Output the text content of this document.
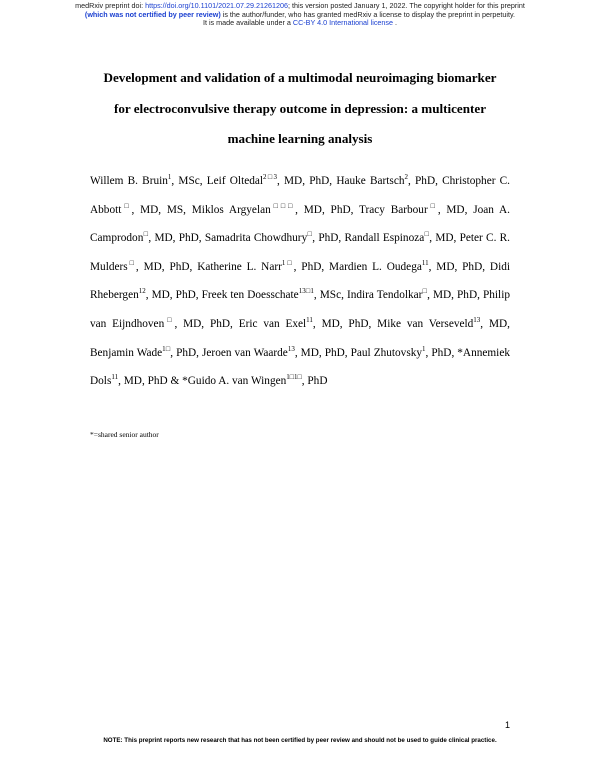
medRxiv preprint doi: https://doi.org/10.1101/2021.07.29.21261206; this version posted January 1, 2022. The copyright holder for this preprint
(which was not certified by peer review) is the author/funder, who has granted medRxiv a license to display the preprint in perpetuity.
It is made available under a CC-BY 4.0 International license .
Development and validation of a multimodal neuroimaging biomarker
for electroconvulsive therapy outcome in depression: a multicenter
machine learning analysis
Willem B. Bruin$^1$, MSc, Leif Oltedal$^{2□3}$, MD, PhD, Hauke Bartsch$^2$, PhD, Christopher C. Abbott□, MD, MS, Miklos Argyelan□□□, MD, PhD, Tracy Barbour□, MD, Joan A. Camprodon□, MD, PhD, Samadrita Chowdhury□, PhD, Randall Espinoza□, MD, Peter C. R. Mulders□, MD, PhD, Katherine L. Narr$^{1□}$, PhD, Mardien L. Oudega$^{11}$, MD, PhD, Didi Rhebergen$^{12}$, MD, PhD, Freek ten Doesschate$^{13□1}$, MSc, Indira Tendolkar□, MD, PhD, Philip van Eijndhoven□, MD, PhD, Eric van Exel$^{11}$, MD, PhD, Mike van Verseveld$^{13}$, MD, Benjamin Wade$^{1□}$, PhD, Jeroen van Waarde$^{13}$, MD, PhD, Paul Zhutovsky$^1$, PhD, *Annemiek Dols$^{11}$, MD, PhD & *Guido A. van Wingen$^{1□1□}$, PhD
*=shared senior author
1
NOTE: This preprint reports new research that has not been certified by peer review and should not be used to guide clinical practice.
